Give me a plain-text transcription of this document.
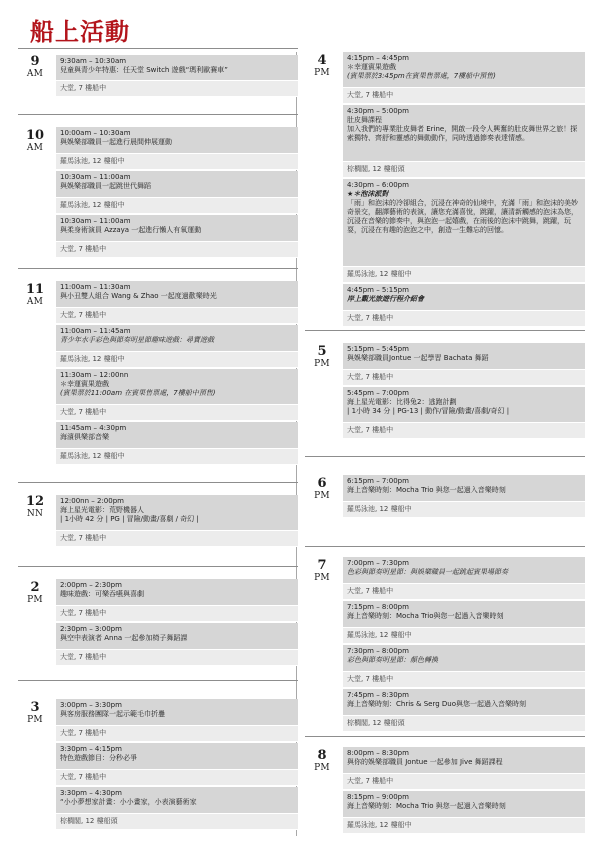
船上活動
9
AM
9:30am – 10:30am
兒童與青少年特惠：任天堂 Switch 遊戲“瑪利歐賽車”
大堂, 7 樓船中
10
AM
10:00am – 10:30am
與娛樂部職員一起進行晨間伸展運動
羅馬泳池, 12 樓船中
10:30am – 11:00am
與娛樂部職員一起跳世代舞蹈
羅馬泳池, 12 樓船中
10:30am – 11:00am
與柔身術演員 Azzaya 一起進行懶人有氧運動
大堂, 7 樓船中
11
AM
11:00am – 11:30am
與小丑雙人組合 Wang & Zhao 一起度過歡樂時光
大堂, 7 樓船中
11:00am – 11:45am
青少年水手彩色與節奏明星節趣味遊戲：尋寶遊戲
羅馬泳池, 12 樓船中
11:30am – 12:00nn
＊幸運賓果遊戲
(賓果票於11:00am 在賓果售票處，7樓船中預售)
大堂, 7 樓船中
11:45am – 4:30pm
海濱俱樂部音樂
羅馬泳池, 12 樓船中
12
NN
12:00nn – 2:00pm
海上星光電影：荒野機器人
| 1小時 42 分 | PG | 冒險/動畫/喜劇 / 奇幻 |
大堂, 7 樓船中
2
PM
2:00pm – 2:30pm
趣味遊戲：可樂吞嚥與喜劇
大堂, 7 樓船中
2:30pm – 3:00pm
與空中表演者 Anna 一起參加椅子舞蹈課
大堂, 7 樓船中
3
PM
3:00pm – 3:30pm
與客房服務團隊一起示範毛巾折疊
大堂, 7 樓船中
3:30pm – 4:15pm
特色遊戲節目：分秒必爭
大堂, 7 樓船中
3:30pm – 4:30pm
“小小夢想家計畫：小小畫家，小表演藝術家
棕櫚閣, 12 樓船頭
4
PM
4:15pm – 4:45pm
＊幸運賓果遊戲
(賓果票於3:45pm在賓果售票處，7樓船中預售)
大堂, 7 樓船中
4:30pm – 5:00pm
肚皮舞課程
加入我們的專業肚皮舞者 Erine，開啟一段令人興奮的肚皮舞世界之旅！探索獨特、齊舒和靈感的舞動動作，同時透過節奏表達情感。
棕櫚閣, 12 樓船頭
4:30pm – 6:00pm
★＊泡沫派對
「雨」和泡沫的冷卻組合，沉浸在神奇的仙境中，充滿「雨」和泡沫的美妙奇景交，翻譯藝術的表演，讓您充滿喜悅，跳躍，讓清新觸感的泡沫為您，沉浸在音樂的節奏中，與泡泡一起嬉戲，在雨後的泡沫中跳舞，跳躍，玩耍，沉浸在有趣的泡泡之中，創造一生難忘的回憶。
羅馬泳池, 12 樓船中
4:45pm – 5:15pm
岸上觀光旅遊行程介紹會
大堂, 7 樓船中
5
PM
5:15pm – 5:45pm
與娛樂部職員Jontue 一起學習 Bachata 舞蹈
大堂, 7 樓船中
5:45pm – 7:00pm
海上星光電影：比得兔2：逃跑計劃
| 1小時 34 分 | PG-13 | 動作/冒險/動畫/喜劇/奇幻 |
大堂, 7 樓船中
6
PM
6:15pm – 7:00pm
海上音樂時刻：Mocha Trio 與您一起過入音樂時刻
羅馬泳池, 12 樓船中
7
PM
7:00pm – 7:30pm
色彩與節奏明星節：與娛樂職員一起跳起賓果場節奏
大堂, 7 樓船中
7:15pm – 8:00pm
海上音樂時刻：Mocha Trio與您一起過入音樂時刻
羅馬泳池, 12 樓船中
7:30pm – 8:00pm
彩色與節奏明星節：顏色轉換
大堂, 7 樓船中
7:45pm – 8:30pm
海上音樂時刻：Chris & Serg Duo與您一起過入音樂時刻
棕櫚閣, 12 樓船頭
8
PM
8:00pm – 8:30pm
與你的娛樂部職員 Jontue 一起參加 Jive 舞蹈課程
大堂, 7 樓船中
8:15pm – 9:00pm
海上音樂時刻：Mocha Trio 與您一起過入音樂時刻
羅馬泳池, 12 樓船中
